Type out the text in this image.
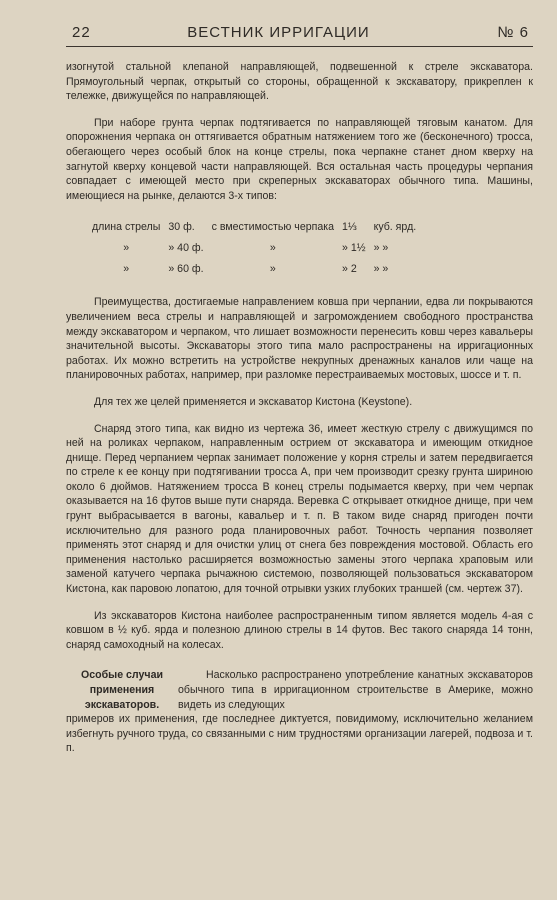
22	ВЕСТНИК ИРРИГАЦИИ	№ 6

изогнутой стальной клепаной направляющей, подвешенной к стреле экскаватора. Прямоугольный черпак, открытый со стороны, обращенной к экскаватору, прикреплен к тележке, движущейся по направляющей.

При наборе грунта черпак подтягивается по направляющей тяговым канатом. Для опорожнения черпака он оттягивается обратным натяжением того же (бесконечного) тросса, обегающего через особый блок на конце стрелы, пока черпакне станет дном кверху на загнутой кверху концевой части направляющей. Вся остальная часть процедуры черпания совпадает с имеющей место при скреперных экскаваторах обычного типа. Машины, имеющиеся на рынке, делаются 3-х типов:

длина стрелы	30 ф.	с вместимостью черпака	1⅓	куб. ярд.
»	» 40 ф.	»	» 1½	» »
»	» 60 ф.	»	» 2	» »

Преимущества, достигаемые направлением ковша при черпании, едва ли покрываются увеличением веса стрелы и направляющей и загромождением свободного пространства между экскаватором и черпаком, что лишает возможности перенесить ковш через кавальеры значительной высоты. Экскаваторы этого типа мало распространены на ирригационных работах. Их можно встретить на устройстве некрупных дренажных каналов или чаще на планировочных работах, например, при разломке перестраиваемых мостовых, шоссе и т. п.

Для тех же целей применяется и экскаватор Кистона (Keystone).

Снаряд этого типа, как видно из чертежа 36, имеет жесткую стрелу с движущимся по ней на роликах черпаком, направленным острием от экскаватора и имеющим откидное днище. Перед черпанием черпак занимает положение у корня стрелы и затем передвигается по стреле к ее концу при подтягивании тросса А, при чем производит срезку грунта шириною около 6 дюймов. Натяжением тросса В конец стрелы подымается кверху, при чем черпак оказывается на 16 футов выше пути снаряда. Веревка С открывает откидное днище, при чем грунт выбрасывается в вагоны, кавальер и т. п. В таком виде снаряд пригоден почти исключительно для разного рода планировочных работ. Точность черпания позволяет применять этот снаряд и для очистки улиц от снега без повреждения мостовой. Область его применения настолько расширяется возможностью замены этого черпака храповым или заменой катучего черпака рычажною системою, позволяющей пользоваться экскаватором Кистона, как паровою лопатою, для точной отрывки узких глубоких траншей (см. чертеж 37).

Из экскаваторов Кистона наиболее распространенным типом является модель 4-ая с ковшом в ½ куб. ярда и полезною длиною стрелы в 14 футов. Вес такого снаряда 14 тонн, снаряд самоходный на колесах.

Особые случаи применения экскаваторов.

Насколько распространено употребление канатных экскаваторов обычного типа в ирригационном строительстве в Америке, можно видеть из следующих

примеров их применения, где последнее диктуется, повидимому, исключительно желанием избегнуть ручного труда, со связанными с ним трудностями организации лагерей, подвоза и т. п.
